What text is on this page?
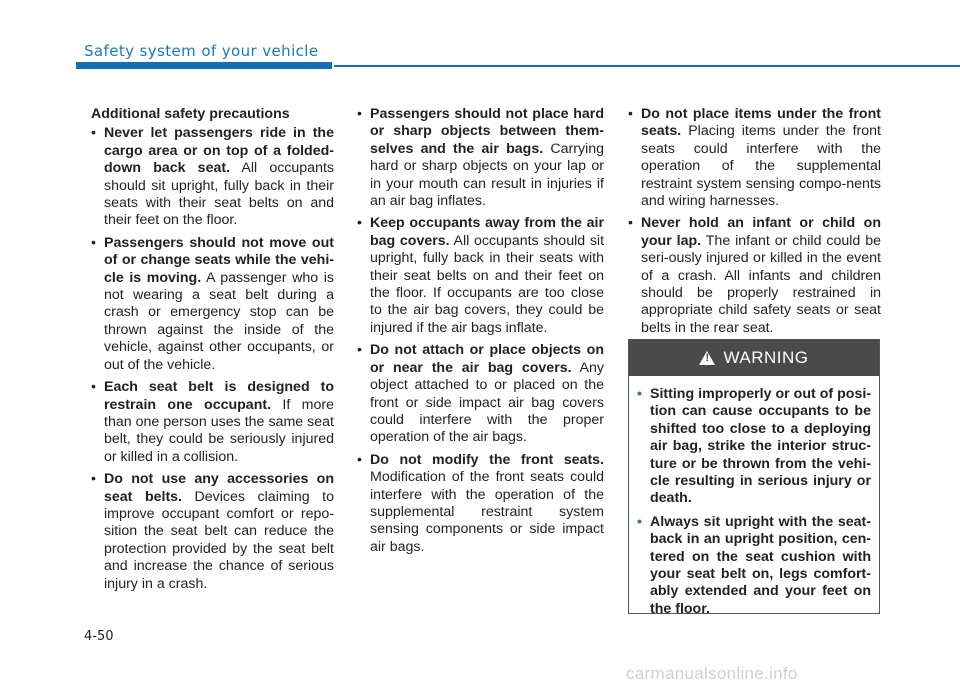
Safety system of your vehicle
Additional safety precautions
• Never let passengers ride in the cargo area or on top of a folded-down back seat. All occupants should sit upright, fully back in their seats with their seat belts on and their feet on the floor.
• Passengers should not move out of or change seats while the vehi-cle is moving. A passenger who is not wearing a seat belt during a crash or emergency stop can be thrown against the inside of the vehicle, against other occupants, or out of the vehicle.
• Each seat belt is designed to restrain one occupant. If more than one person uses the same seat belt, they could be seriously injured or killed in a collision.
• Do not use any accessories on seat belts. Devices claiming to improve occupant comfort or repo-sition the seat belt can reduce the protection provided by the seat belt and increase the chance of serious injury in a crash.
• Passengers should not place hard or sharp objects between them-selves and the air bags. Carrying hard or sharp objects on your lap or in your mouth can result in injuries if an air bag inflates.
• Keep occupants away from the air bag covers. All occupants should sit upright, fully back in their seats with their seat belts on and their feet on the floor. If occupants are too close to the air bag covers, they could be injured if the air bags inflate.
• Do not attach or place objects on or near the air bag covers. Any object attached to or placed on the front or side impact air bag covers could interfere with the proper operation of the air bags.
• Do not modify the front seats. Modification of the front seats could interfere with the operation of the supplemental restraint system sensing components or side impact air bags.
• Do not place items under the front seats. Placing items under the front seats could interfere with the operation of the supplemental restraint system sensing compo-nents and wiring harnesses.
• Never hold an infant or child on your lap. The infant or child could be seri-ously injured or killed in the event of a crash. All infants and children should be properly restrained in appropriate child safety seats or seat belts in the rear seat.
!
WARNING
• Sitting improperly or out of posi-tion can cause occupants to be shifted too close to a deploying air bag, strike the interior struc-ture or be thrown from the vehi-cle resulting in serious injury or death.
• Always sit upright with the seat-back in an upright position, cen-tered on the seat cushion with your seat belt on, legs comfort-ably extended and your feet on the floor.
4-50
carmanualsonline.info
